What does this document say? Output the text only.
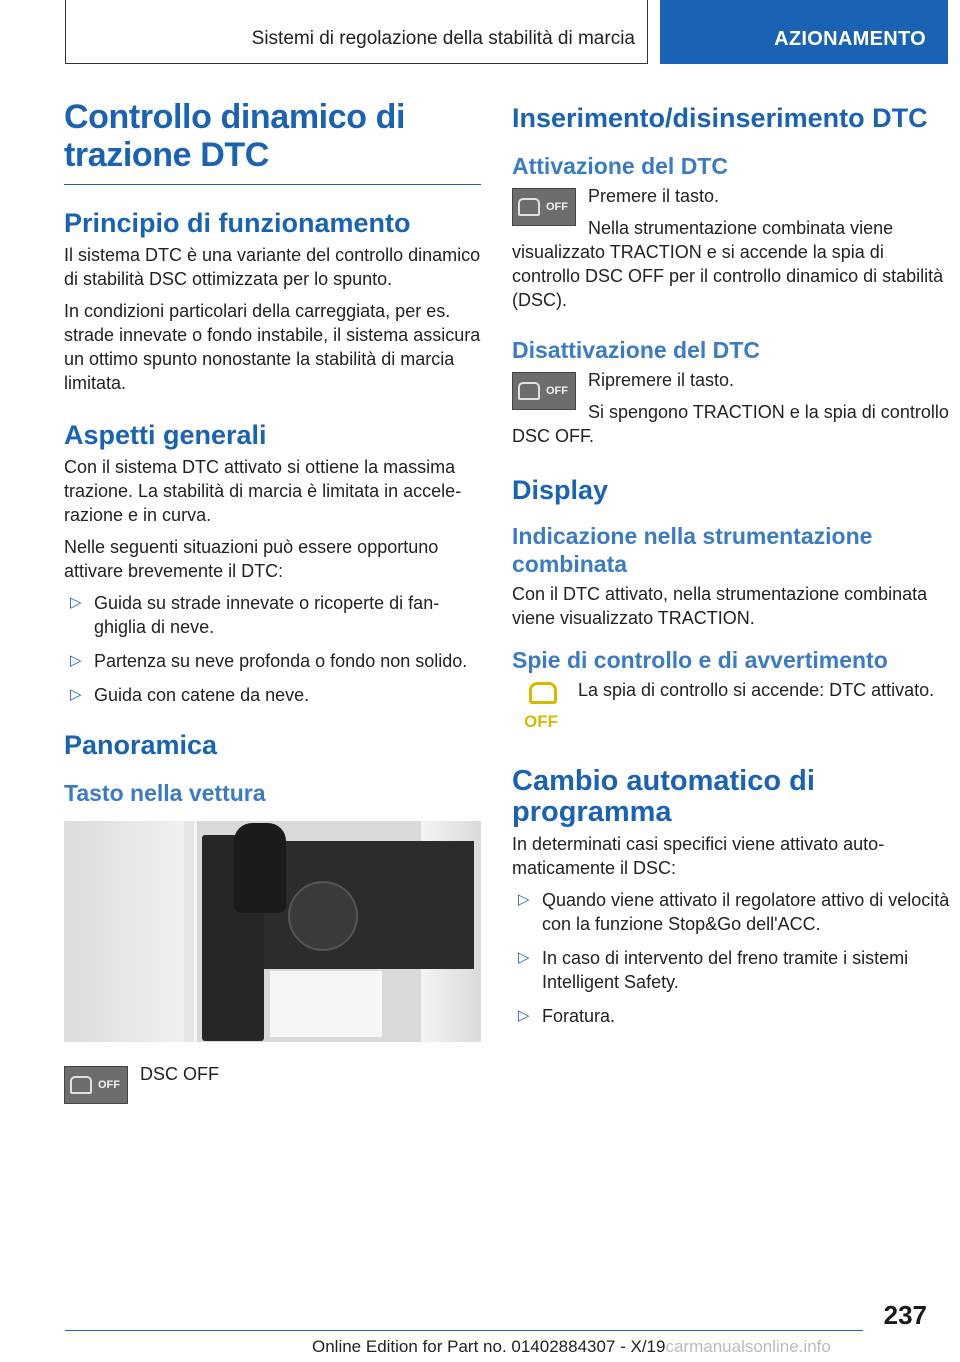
Sistemi di regolazione della stabilità di marcia	AZIONAMENTO
Controllo dinamico di trazione DTC
Principio di funzionamento

Il sistema DTC è una variante del controllo dinamico di stabilità DSC ottimizzata per lo spunto.

In condizioni particolari della carreggiata, per es. strade innevate o fondo instabile, il sistema assicura un ottimo spunto nonostante la stabilità di marcia limitata.

Aspetti generali

Con il sistema DTC attivato si ottiene la massima trazione. La stabilità di marcia è limitata in accelerazione e in curva.

Nelle seguenti situazioni può essere opportuno attivare brevemente il DTC:

▷ Guida su strade innevate o ricoperte di fanghiglia di neve.
▷ Partenza su neve profonda o fondo non solido.
▷ Guida con catene da neve.
Panoramica
Tasto nella vettura
OFF

DSC OFF

Inserimento/disinserimento DTC
Attivazione del DTC
OFF

Premere il tasto.

Nella strumentazione combinata viene visualizzato TRACTION e si accende la spia di controllo DSC OFF per il controllo dinamico di stabilità (DSC).

Disattivazione del DTC
OFF

Ripremere il tasto.

Si spengono TRACTION e la spia di controllo DSC OFF.

Display
Indicazione nella strumentazione combinata

Con il DTC attivato, nella strumentazione combinata viene visualizzato TRACTION.

Spie di controllo e di avvertimento
OFF

La spia di controllo si accende: DTC attivato.

Cambio automatico di programma

In determinati casi specifici viene attivato automaticamente il DSC:

▷ Quando viene attivato il regolatore attivo di velocità con la funzione Stop&Go dell'ACC.
▷ In caso di intervento del freno tramite i sistemi Intelligent Safety.
▷ Foratura.
237
Online Edition for Part no. 01402884307 - X/19carmanualsonline.info
